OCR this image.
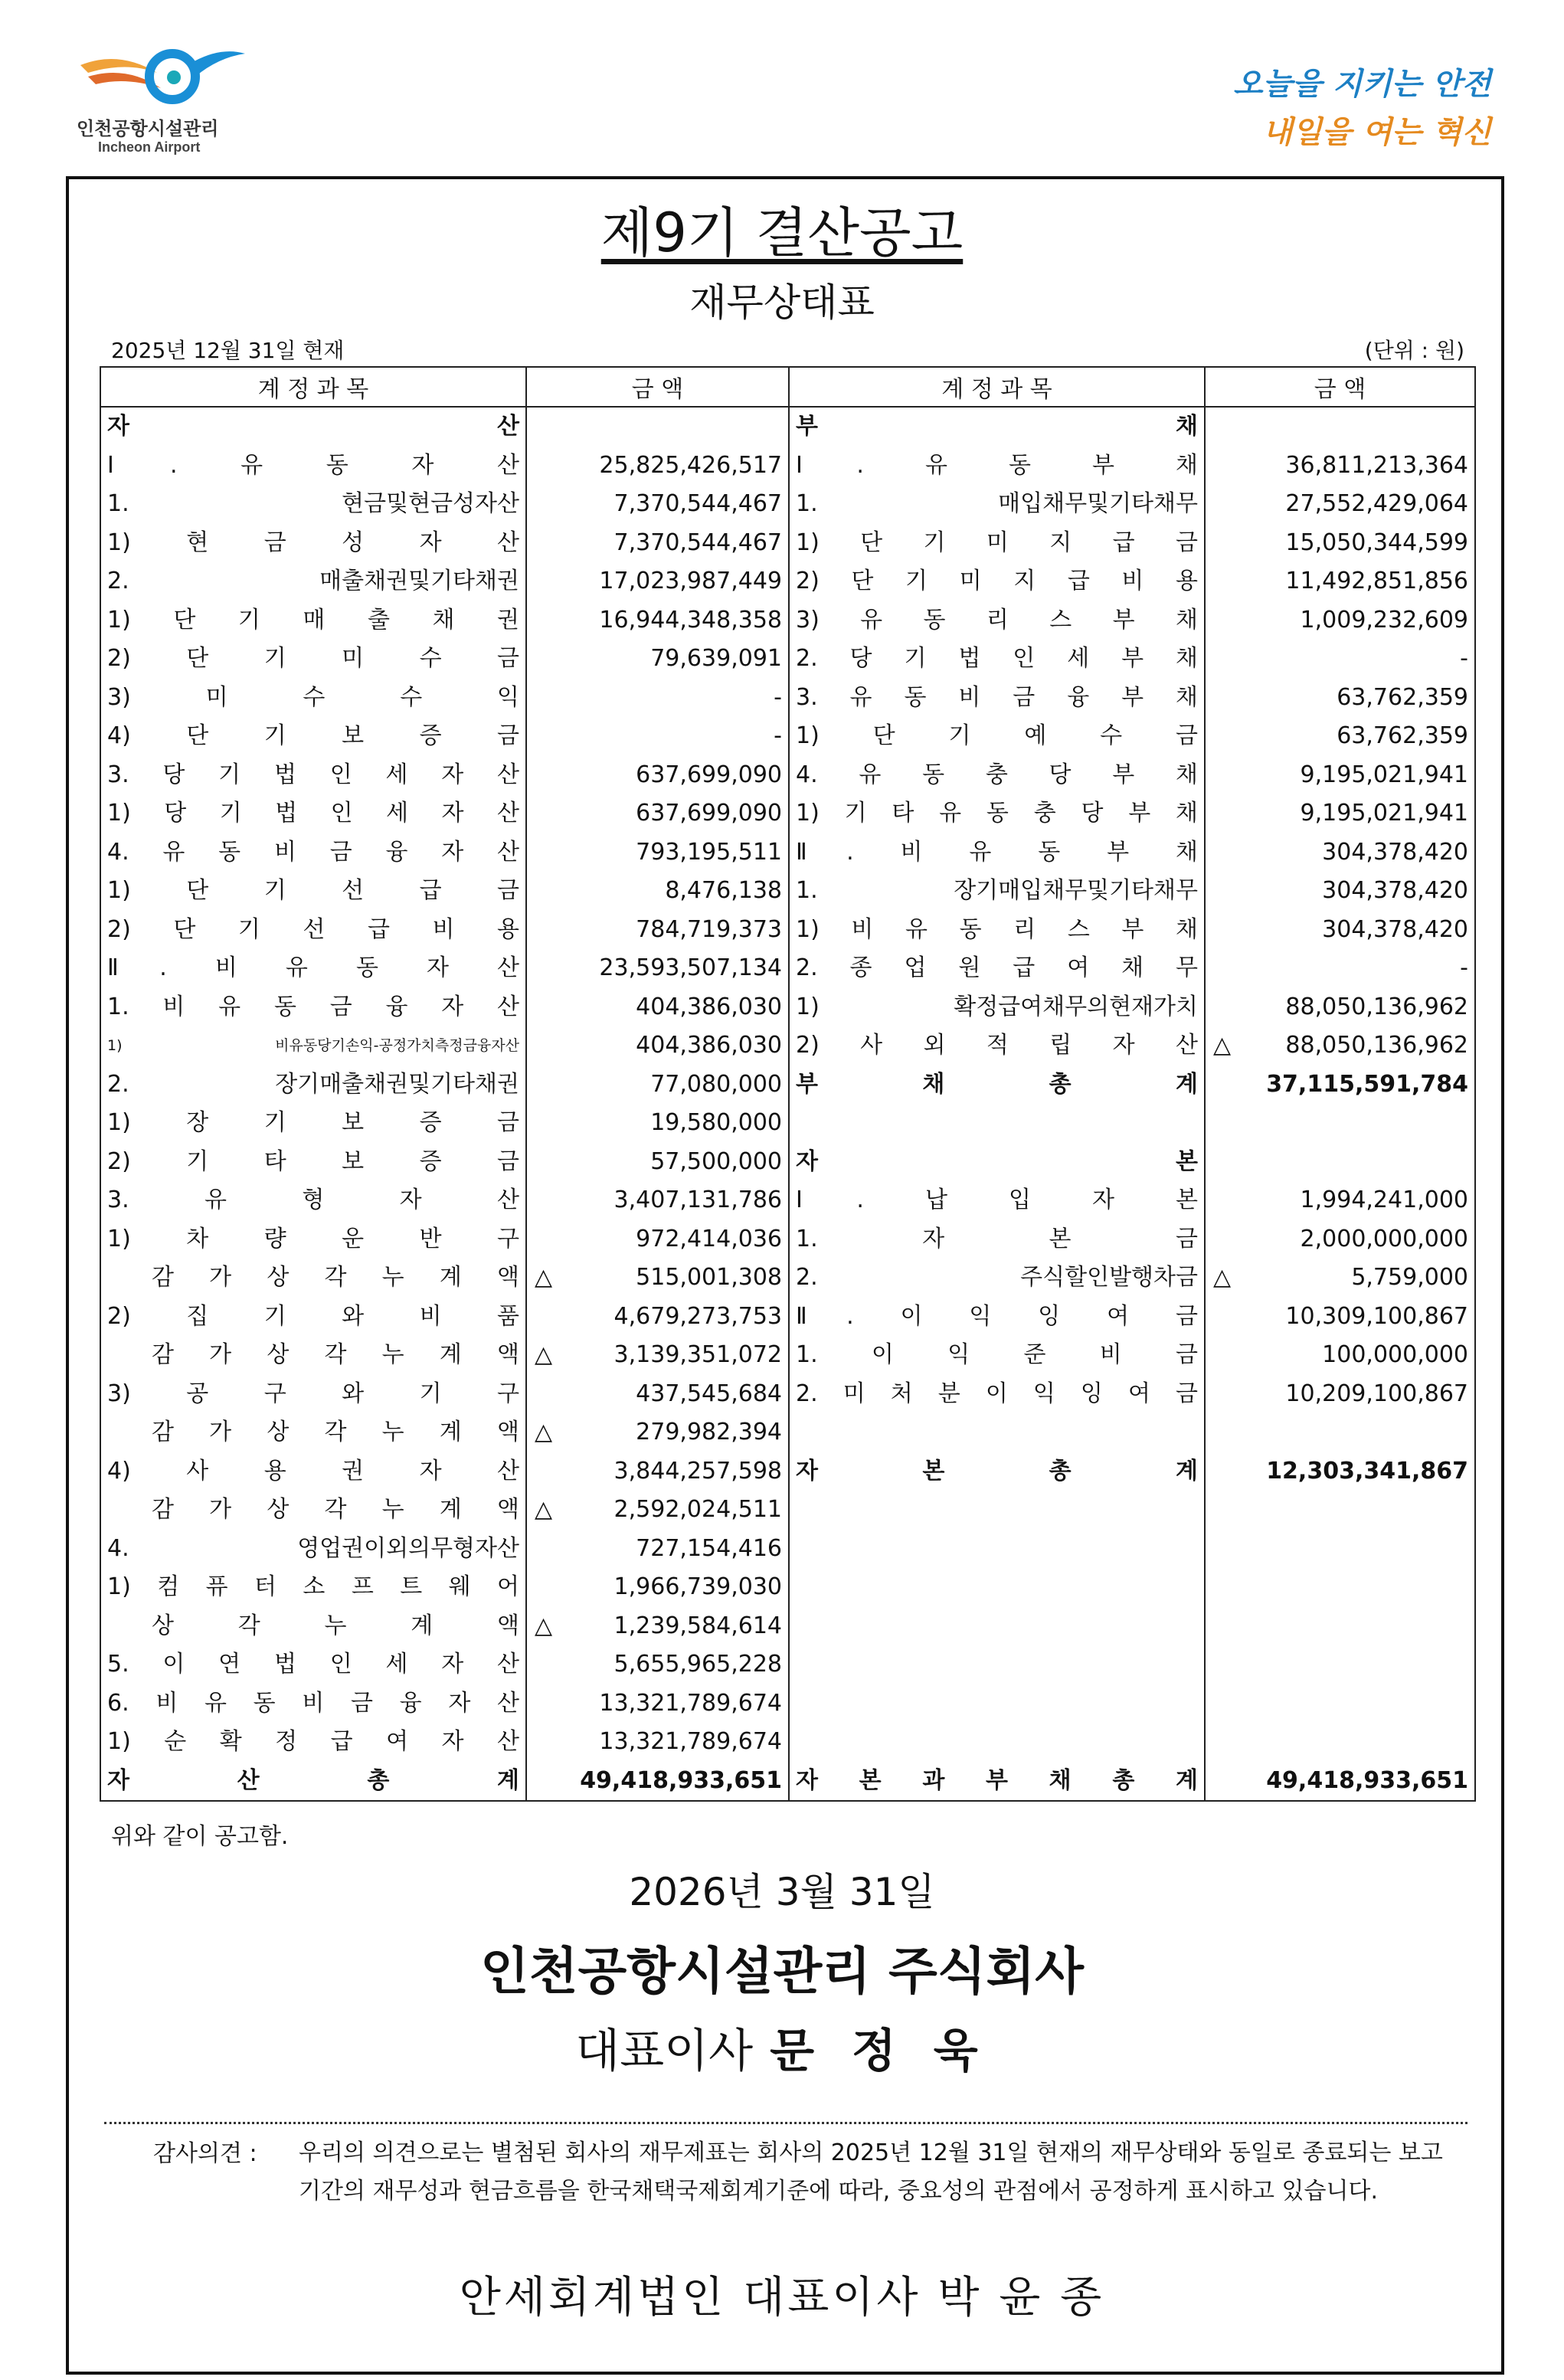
인천공항시설관리
Incheon Airport
오늘을 지키는 안전
내일을 여는 혁신
제9기 결산공고
재무상태표
2025년 12월 31일 현재	(단위 : 원)
계 정 과 목	금 액	계 정 과 목	금 액
자 산		부 채	
Ⅰ. 유 동 자 산	25,825,426,517	Ⅰ. 유 동 부 채	36,811,213,364
1. 현금및현금성자산	7,370,544,467	1. 매입채무및기타채무	27,552,429,064
1) 현 금 성 자 산	7,370,544,467	1) 단 기 미 지 급 금	15,050,344,599
2. 매출채권및기타채권	17,023,987,449	2) 단 기 미 지 급 비 용	11,492,851,856
1) 단 기 매 출 채 권	16,944,348,358	3) 유 동 리 스 부 채	1,009,232,609
2) 단 기 미 수 금	79,639,091	2. 당 기 법 인 세 부 채	-
3) 미 수 수 익	-	3. 유 동 비 금 융 부 채	63,762,359
4) 단 기 보 증 금	-	1) 단 기 예 수 금	63,762,359
3. 당 기 법 인 세 자 산	637,699,090	4. 유 동 충 당 부 채	9,195,021,941
1) 당 기 법 인 세 자 산	637,699,090	1) 기 타 유 동 충 당 부 채	9,195,021,941
4. 유 동 비 금 융 자 산	793,195,511	Ⅱ. 비 유 동 부 채	304,378,420
1) 단 기 선 급 금	8,476,138	1. 장기매입채무및기타채무	304,378,420
2) 단 기 선 급 비 용	784,719,373	1) 비 유 동 리 스 부 채	304,378,420
Ⅱ. 비 유 동 자 산	23,593,507,134	2. 종 업 원 급 여 채 무	-
1. 비 유 동 금 융 자 산	404,386,030	1) 확정급여채무의현재가치	88,050,136,962
1) 비유동당기손익-공정가치측정금융자산	404,386,030	2) 사 외 적 립 자 산	△ 88,050,136,962
2. 장기매출채권및기타채권	77,080,000	부 채 총 계	37,115,591,784
1) 장 기 보 증 금	19,580,000		
2) 기 타 보 증 금	57,500,000	자 본	
3. 유 형 자 산	3,407,131,786	Ⅰ. 납 입 자 본	1,994,241,000
1) 차 량 운 반 구	972,414,036	1. 자 본 금	2,000,000,000
감 가 상 각 누 계 액	△ 515,001,308	2. 주식할인발행차금	△ 5,759,000
2) 집 기 와 비 품	4,679,273,753	Ⅱ. 이 익 잉 여 금	10,309,100,867
감 가 상 각 누 계 액	△ 3,139,351,072	1. 이 익 준 비 금	100,000,000
3) 공 구 와 기 구	437,545,684	2. 미 처 분 이 익 잉 여 금	10,209,100,867
감 가 상 각 누 계 액	△ 279,982,394		
4) 사 용 권 자 산	3,844,257,598	자 본 총 계	12,303,341,867
감 가 상 각 누 계 액	△ 2,592,024,511		
4. 영업권이외의무형자산	727,154,416		
1) 컴 퓨 터 소 프 트 웨 어	1,966,739,030		
상 각 누 계 액	△ 1,239,584,614		
5. 이 연 법 인 세 자 산	5,655,965,228		
6. 비 유 동 비 금 융 자 산	13,321,789,674		
1) 순 확 정 급 여 자 산	13,321,789,674		
자 산 총 계	49,418,933,651	자 본 과 부 채 총 계	49,418,933,651
위와 같이 공고함.
2026년 3월 31일
인천공항시설관리 주식회사
대표이사 문 정 욱
감사의견 : 우리의 의견으로는 별첨된 회사의 재무제표는 회사의 2025년 12월 31일 현재의 재무상태와 동일로 종료되는 보고기간의 재무성과 현금흐름을 한국채택국제회계기준에 따라, 중요성의 관점에서 공정하게 표시하고 있습니다.
안세회계법인 대표이사 박 윤 종
